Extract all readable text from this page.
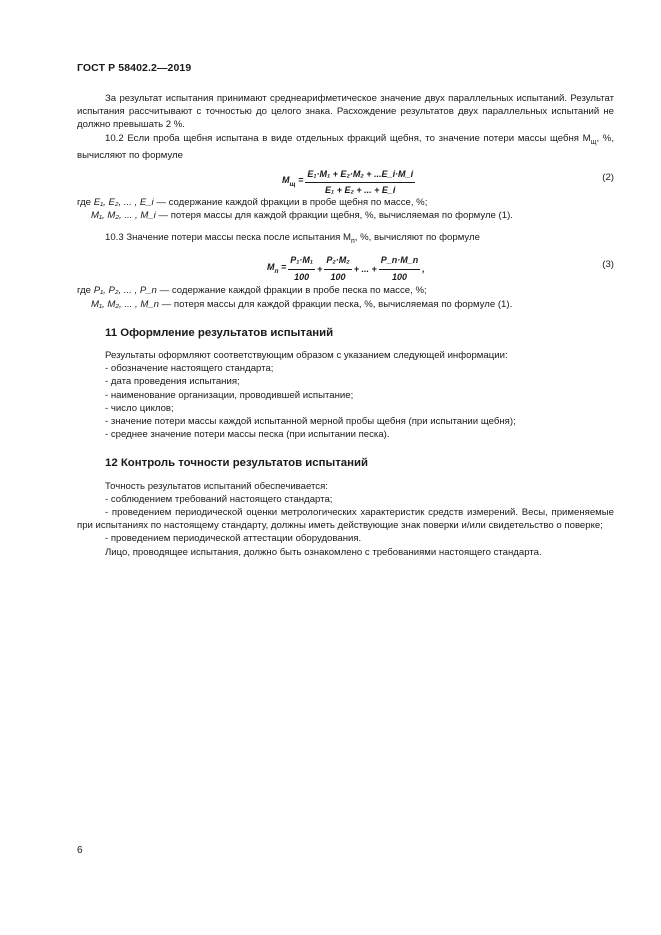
ГОСТ Р 58402.2—2019

За результат испытания принимают среднеарифметическое значение двух параллельных испытаний. Результат испытания рассчитывают с точностью до целого знака. Расхождение результатов двух параллельных испытаний не должно превышать 2 %.

10.2 Если проба щебня испытана в виде отдельных фракций щебня, то значение потери массы щебня $М_щ$, %, вычисляют по формуле

$M_щ = \frac{\text{E₁·M₁ + E₂·M₂ + ...E\_i·M\_i}}{\text{E₁ + E₂ + ... + E\_i}}$	(2)

где E₁, E₂, ... , E_i — содержание каждой фракции в пробе щебня по массе, %;

M₁, M₂, ... , M_i — потеря массы для каждой фракции щебня, %, вычисляемая по формуле (1).

10.3 Значение потери массы песка после испытания $M_п$, %, вычисляют по формуле

$M_п = \frac{\text{P₁·M₁}}{100} + \frac{\text{P₂·M₂}}{100}$ + ... + $\frac{P\_n\cdot M\_n}{100}$ ,	(3)

где P₁, P₂, ... , P_n — содержание каждой фракции в пробе песка по массе, %;

M₁, M₂, ... , M_n — потеря массы для каждой фракции песка, %, вычисляемая по формуле (1).

11 Оформление результатов испытаний

Результаты оформляют соответствующим образом с указанием следующей информации:

- обозначение настоящего стандарта;

- дата проведения испытания;

- наименование организации, проводившей испытание;

- число циклов;

- значение потери массы каждой испытанной мерной пробы щебня (при испытании щебня);

- среднее значение потери массы песка (при испытании песка).

12 Контроль точности результатов испытаний

Точность результатов испытаний обеспечивается:

- соблюдением требований настоящего стандарта;

- проведением периодической оценки метрологических характеристик средств измерений. Весы, применяемые при испытаниях по настоящему стандарту, должны иметь действующие знак поверки и/или свидетельство о поверке;

- проведением периодической аттестации оборудования.

Лицо, проводящее испытания, должно быть ознакомлено с требованиями настоящего стандарта.

6
